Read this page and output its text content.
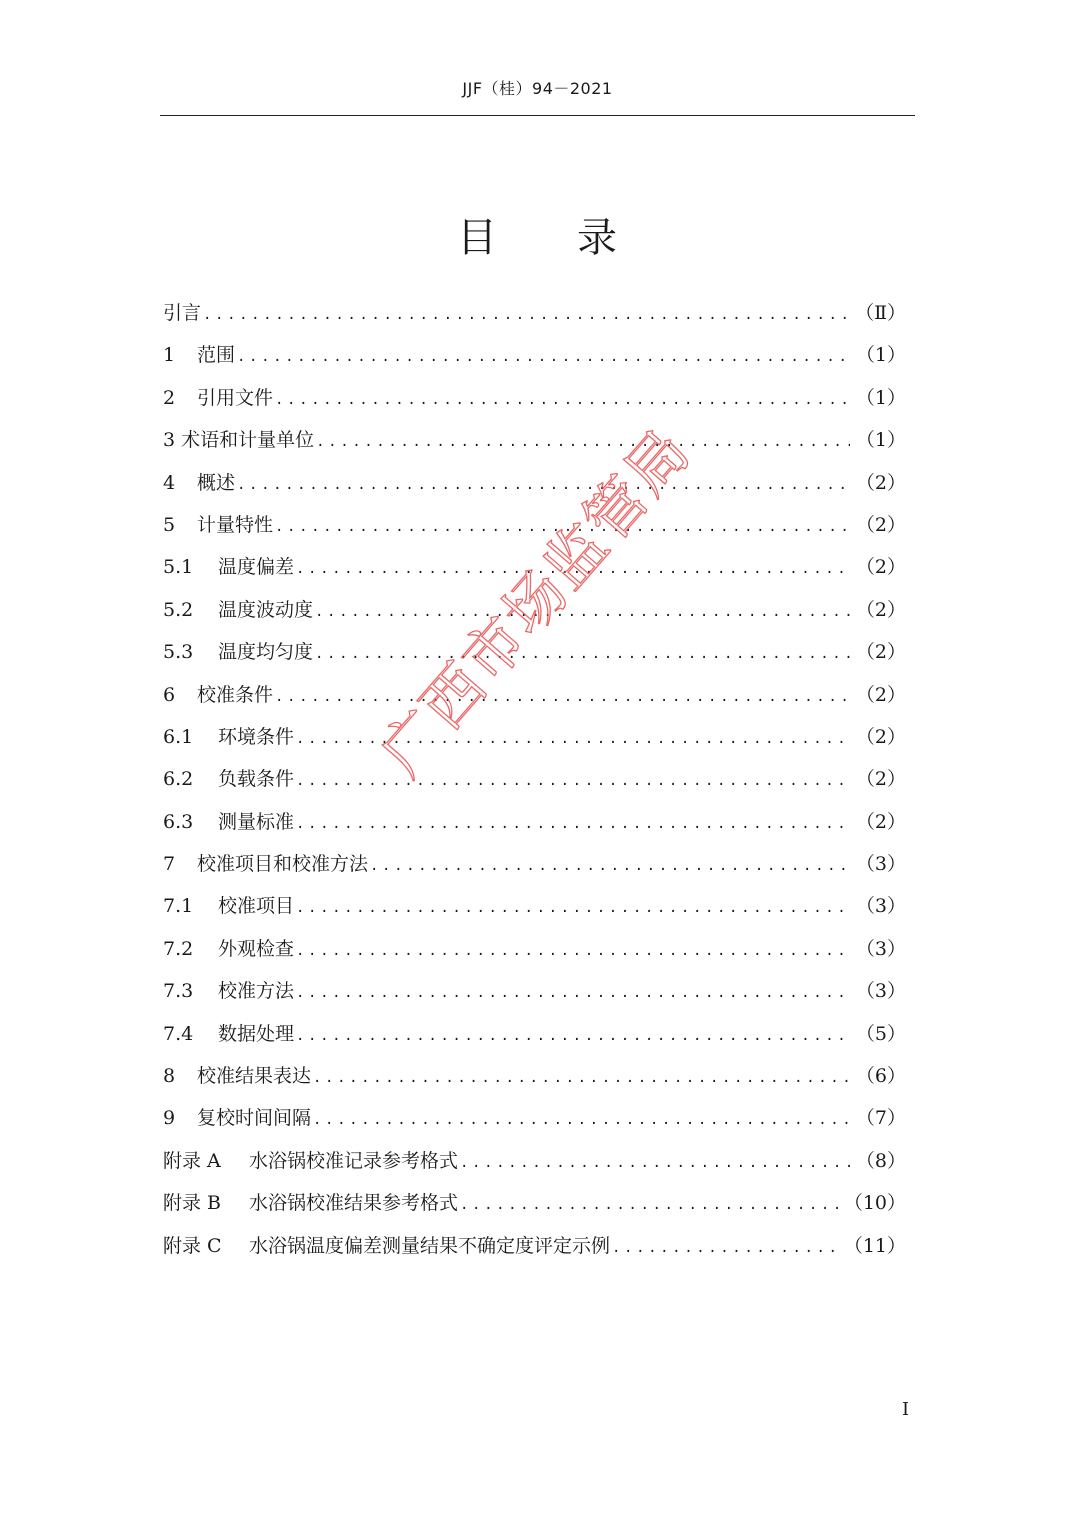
JJF（桂）94－2021
目 录
引言 .....	（Ⅱ）
1	范围 .....	（1）
2	引用文件 .....	（1）
3 术语和计量单位 .....	（1）
4	概述 .....	（2）
5	计量特性 .....	（2）
5.1	温度偏差 .....	（2）
5.2	温度波动度 .....	（2）
5.3	温度均匀度 .....	（2）
6	校准条件 .....	（2）
6.1	环境条件 .....	（2）
6.2	负载条件 .....	（2）
6.3	测量标准 .....	（2）
7	校准项目和校准方法 .....	（3）
7.1	校准项目 .....	（3）
7.2	外观检查 .....	（3）
7.3	校准方法 .....	（3）
7.4	数据处理 .....	（5）
8	校准结果表达 .....	（6）
9	复校时间间隔 .....	（7）
附录 A	水浴锅校准记录参考格式 .....	（8）
附录 B	水浴锅校准结果参考格式 .....	（10）
附录 C	水浴锅温度偏差测量结果不确定度评定示例 .....	（11）
I
广西市场监管局
